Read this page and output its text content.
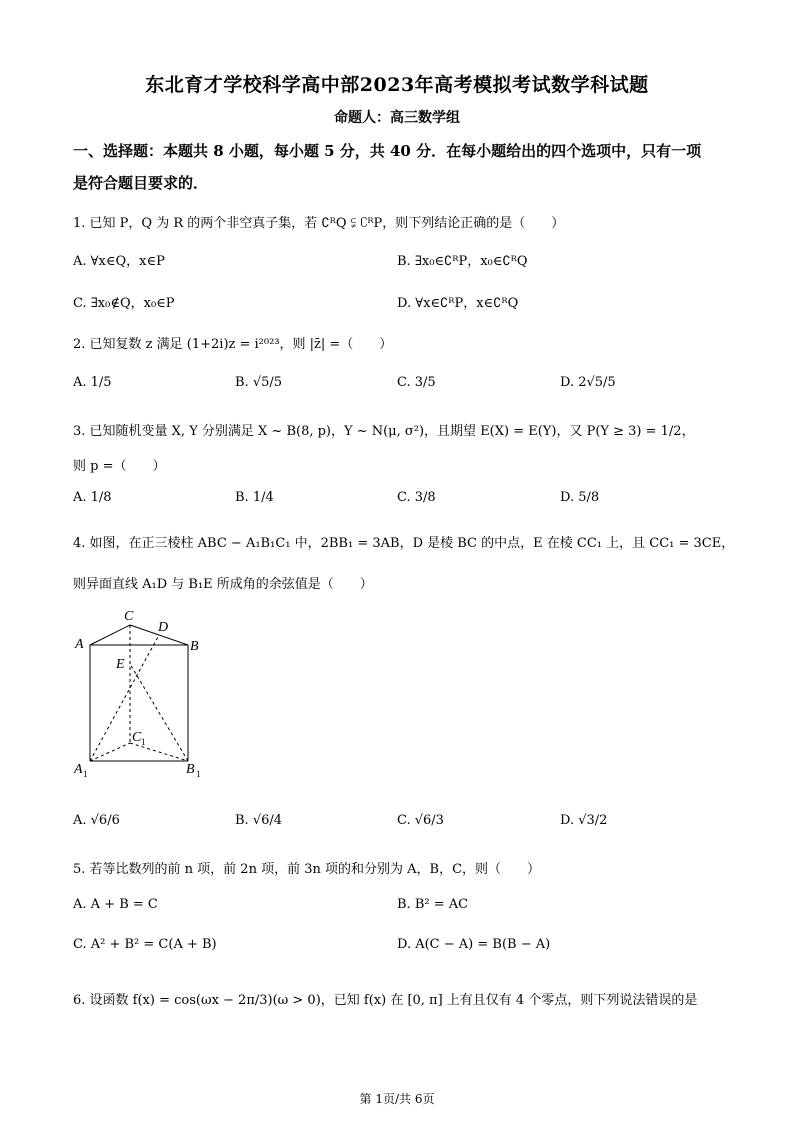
东北育才学校科学高中部2023年高考模拟考试数学科试题
命题人：高三数学组
一、选择题：本题共 8 小题，每小题 5 分，共 40 分．在每小题给出的四个选项中，只有一项
是符合题目要求的．
1. 已知 P，Q 为 R 的两个非空真子集，若 ∁ᴿQ ⫋ ∁ᴿP，则下列结论正确的是（　　）
A. ∀x∈Q，x∈P	B. ∃x₀∈∁ᴿP，x₀∈∁ᴿQ
C. ∃x₀∉Q，x₀∈P	D. ∀x∈∁ᴿP，x∈∁ᴿQ
2. 已知复数 z 满足 (1+2i)z = i²⁰²³，则 |z̄| =（　　）
A. 1/5	B. √5/5	C. 3/5	D. 2√5/5
3. 已知随机变量 X, Y 分别满足 X ~ B(8, p)，Y ~ N(μ, σ²)，且期望 E(X) = E(Y)，又 P(Y ≥ 3) = 1/2，
则 p =（　　）
A. 1/8	B. 1/4	C. 3/8	D. 5/8
4. 如图，在正三棱柱 ABC − A₁B₁C₁ 中，2BB₁ = 3AB，D 是棱 BC 的中点，E 在棱 CC₁ 上，且 CC₁ = 3CE，
则异面直线 A₁D 与 B₁E 所成角的余弦值是（　　）
C
D
A	B
E
C 1
A 1	B 1
A. √6/6	B. √6/4	C. √6/3	D. √3/2
5. 若等比数列的前 n 项，前 2n 项，前 3n 项的和分别为 A，B，C，则（　　）
A. A + B = C	B. B² = AC
C. A² + B² = C(A + B)	D. A(C − A) = B(B − A)
6. 设函数 f(x) = cos(ωx − 2π/3)(ω > 0)，已知 f(x) 在 [0, π] 上有且仅有 4 个零点，则下列说法错误的是
第 1页/共 6页
